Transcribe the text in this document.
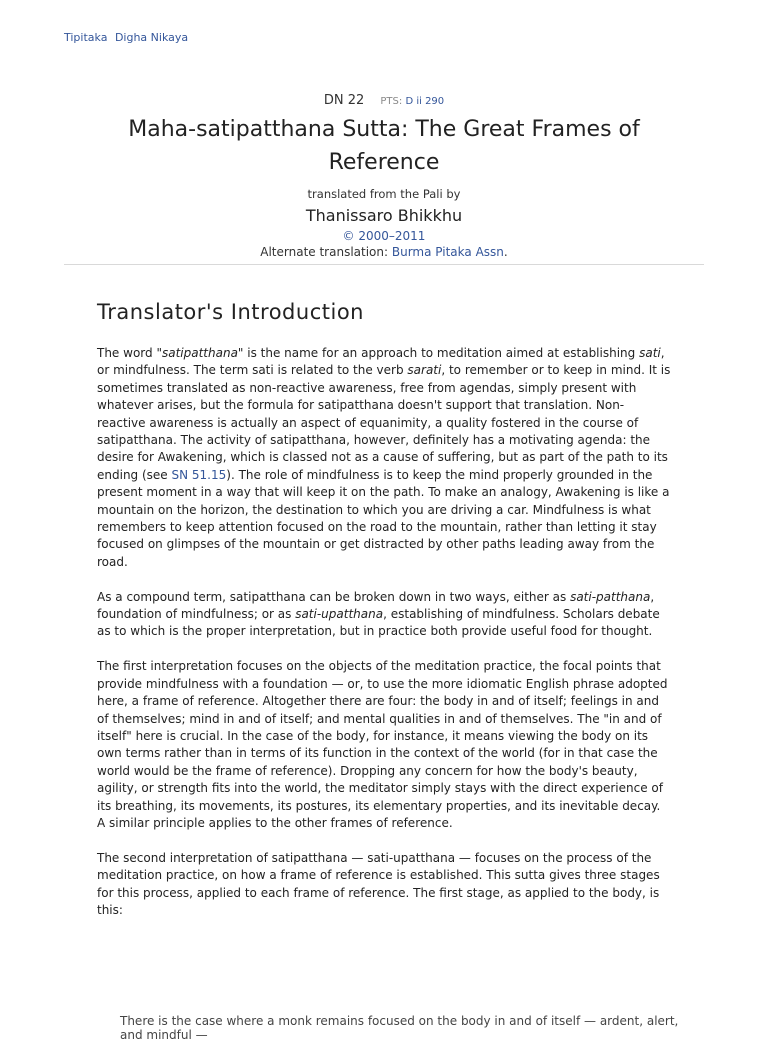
Tipitaka Digha Nikaya
DN 22 PTS: D ii 290
Maha-satipatthana Sutta: The Great Frames of Reference
translated from the Pali by
Thanissaro Bhikkhu
© 2000–2011
Alternate translation: Burma Pitaka Assn.
Translator's Introduction

The word "satipatthana" is the name for an approach to meditation aimed at establishing sati, or mindfulness. The term sati is related to the verb sarati, to remember or to keep in mind. It is sometimes translated as non-reactive awareness, free from agendas, simply present with whatever arises, but the formula for satipatthana doesn't support that translation. Non-reactive awareness is actually an aspect of equanimity, a quality fostered in the course of satipatthana. The activity of satipatthana, however, definitely has a motivating agenda: the desire for Awakening, which is classed not as a cause of suffering, but as part of the path to its ending (see SN 51.15). The role of mindfulness is to keep the mind properly grounded in the present moment in a way that will keep it on the path. To make an analogy, Awakening is like a mountain on the horizon, the destination to which you are driving a car. Mindfulness is what remembers to keep attention focused on the road to the mountain, rather than letting it stay focused on glimpses of the mountain or get distracted by other paths leading away from the road.

As a compound term, satipatthana can be broken down in two ways, either as sati-patthana, foundation of mindfulness; or as sati-upatthana, establishing of mindfulness. Scholars debate as to which is the proper interpretation, but in practice both provide useful food for thought.

The first interpretation focuses on the objects of the meditation practice, the focal points that provide mindfulness with a foundation — or, to use the more idiomatic English phrase adopted here, a frame of reference. Altogether there are four: the body in and of itself; feelings in and of themselves; mind in and of itself; and mental qualities in and of themselves. The "in and of itself" here is crucial. In the case of the body, for instance, it means viewing the body on its own terms rather than in terms of its function in the context of the world (for in that case the world would be the frame of reference). Dropping any concern for how the body's beauty, agility, or strength fits into the world, the meditator simply stays with the direct experience of its breathing, its movements, its postures, its elementary properties, and its inevitable decay. A similar principle applies to the other frames of reference.

The second interpretation of satipatthana — sati-upatthana — focuses on the process of the meditation practice, on how a frame of reference is established. This sutta gives three stages for this process, applied to each frame of reference. The first stage, as applied to the body, is this:

There is the case where a monk remains focused on the body in and of itself — ardent, alert, and mindful —
